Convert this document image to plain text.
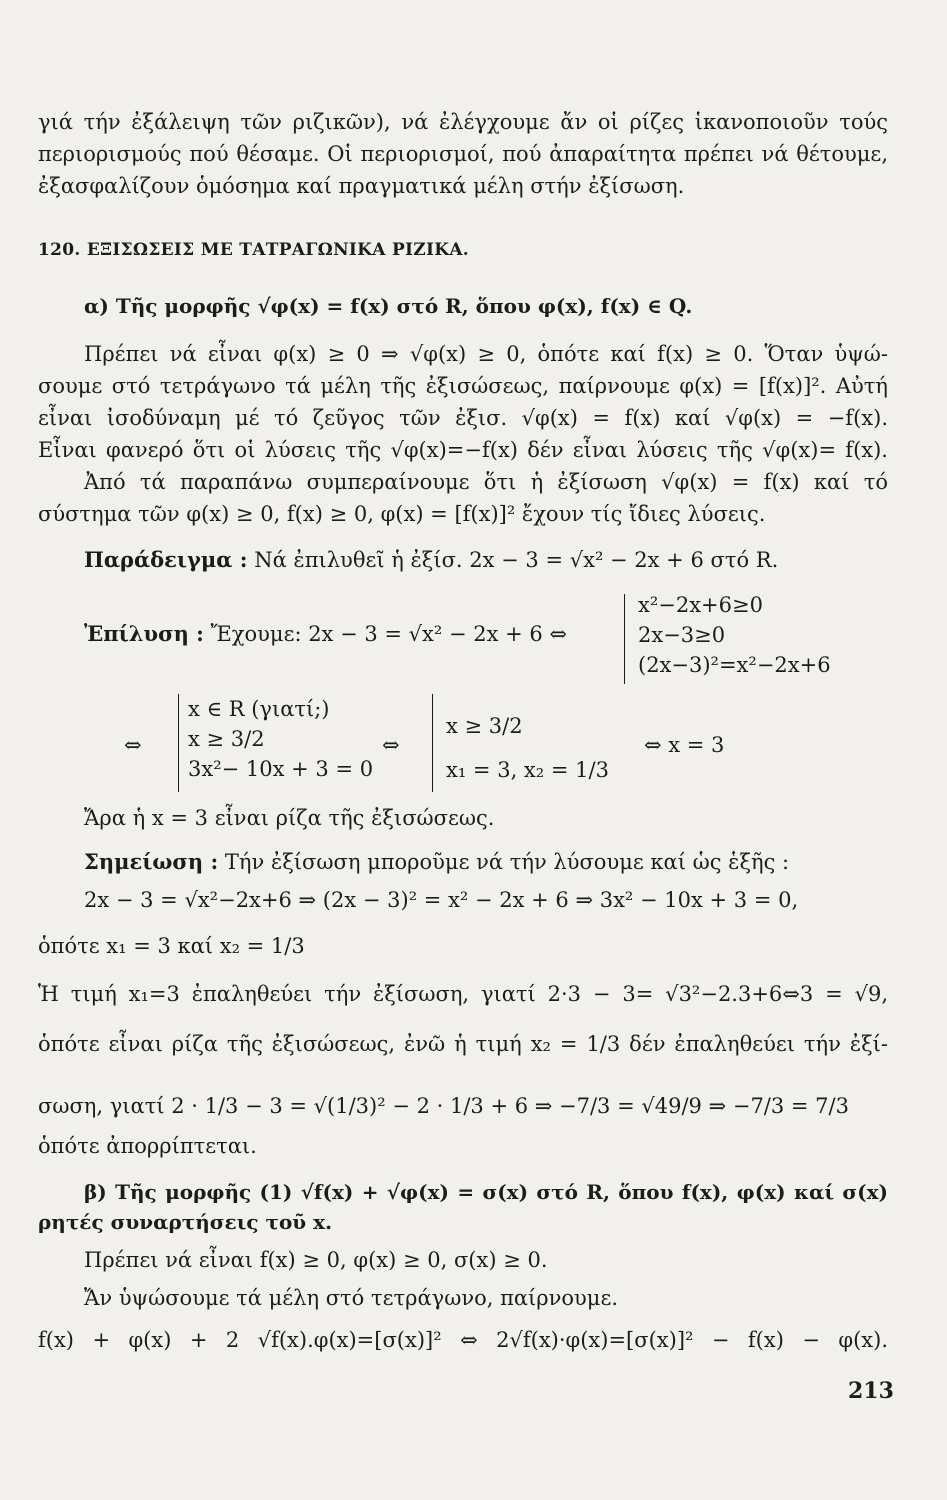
γιά τήν ἐξάλειψη τῶν ριζικῶν), νά ἐλέγχουμε ἄν οἱ ρίζες ἱκανοποιοῦν τούς
περιορισμούς πού θέσαμε. Οἱ περιορισμοί, πού ἀπαραίτητα πρέπει νά θέτουμε,
ἐξασφαλίζουν ὁμόσημα καί πραγματικά μέλη στήν ἐξίσωση.
120. ΕΞΙΣΩΣΕΙΣ ΜΕ ΤΑΤΡΑΓΩΝΙΚΑ ΡΙΖΙΚΑ.
α) Τῆς μορφῆς √φ(x) = f(x) στό R, ὅπου φ(x), f(x) ∈ Q.
Πρέπει νά εἶναι φ(x) ≥ 0 ⇒ √φ(x) ≥ 0, ὁπότε καί f(x) ≥ 0. Ὅταν ὑψώ-
σουμε στό τετράγωνο τά μέλη τῆς ἐξισώσεως, παίρνουμε φ(x) = [f(x)]². Αὐτή
εἶναι ἰσοδύναμη μέ τό ζεῦγος τῶν ἐξισ. √φ(x) = f(x) καί √φ(x) = −f(x).
Εἶναι φανερό ὅτι οἱ λύσεις τῆς √φ(x)=−f(x) δέν εἶναι λύσεις τῆς √φ(x)= f(x).
Ἀπό τά παραπάνω συμπεραίνουμε ὅτι ἡ ἐξίσωση √φ(x) = f(x) καί τό
σύστημα τῶν φ(x) ≥ 0, f(x) ≥ 0, φ(x) = [f(x)]² ἔχουν τίς ἴδιες λύσεις.
Παράδειγμα : Νά ἐπιλυθεῖ ἡ ἐξίσ. 2x − 3 = √x² − 2x + 6 στό R.
Ἐπίλυση : Ἔχουμε: 2x − 3 = √x² − 2x + 6 ⇔
x²−2x+6≥0
2x−3≥0
(2x−3)²=x²−2x+6
⇔
x ∈ R (γιατί;)
x ≥ 3/2
3x²− 10x + 3 = 0
⇔
x ≥ 3/2
x₁ = 3, x₂ = 1/3
⇔ x = 3
Ἄρα ἡ x = 3 εἶναι ρίζα τῆς ἐξισώσεως.
Σημείωση : Τήν ἐξίσωση μποροῦμε νά τήν λύσουμε καί ὡς ἑξῆς :
2x − 3 = √x²−2x+6 ⇒ (2x − 3)² = x² − 2x + 6 ⇒ 3x² − 10x + 3 = 0,
ὁπότε x₁ = 3 καί x₂ = 1/3
Ἡ τιμή x₁=3 ἐπαληθεύει τήν ἐξίσωση, γιατί 2·3 − 3= √3²−2.3+6⇔3 = √9,
ὁπότε εἶναι ρίζα τῆς ἐξισώσεως, ἐνῶ ἡ τιμή x₂ = 1/3 δέν ἐπαληθεύει τήν ἐξί-
σωση, γιατί 2 · 1/3 − 3 = √(1/3)² − 2 · 1/3 + 6 ⇒ −7/3 = √49/9 ⇒ −7/3 = 7/3
ὁπότε ἀπορρίπτεται.
β) Τῆς μορφῆς (1) √f(x) + √φ(x) = σ(x) στό R, ὅπου f(x), φ(x) καί σ(x)
ρητές συναρτήσεις τοῦ x.
Πρέπει νά εἶναι f(x) ≥ 0, φ(x) ≥ 0, σ(x) ≥ 0.
Ἄν ὑψώσουμε τά μέλη στό τετράγωνο, παίρνουμε.
f(x) + φ(x) + 2 √f(x).φ(x)=[σ(x)]² ⇔ 2√f(x)·φ(x)=[σ(x)]² − f(x) − φ(x).
213
